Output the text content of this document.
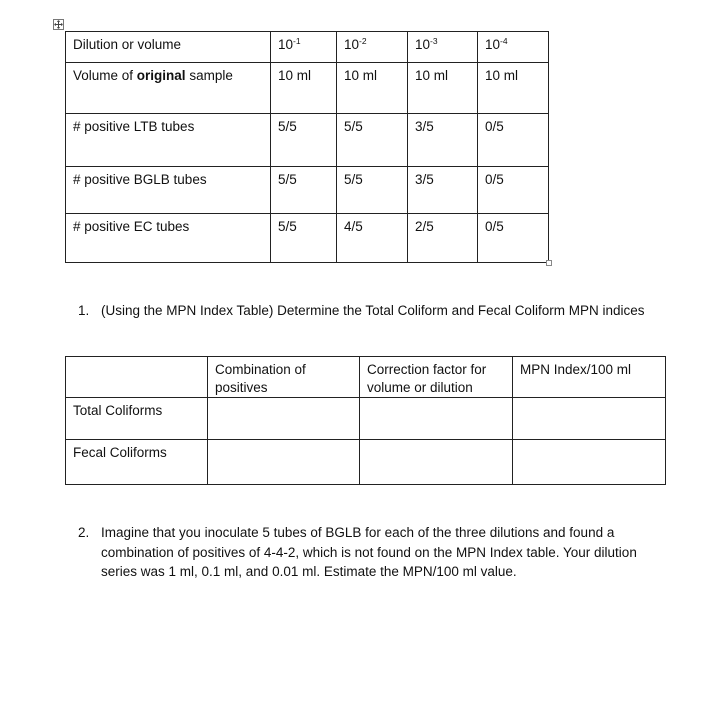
Dilution or volume	$10^{-1}$	$10^{-2}$	$10^{-3}$	$10^{-4}$
Volume of original sample	10 ml	10 ml	10 ml	10 ml
# positive LTB tubes	5/5	5/5	3/5	0/5
# positive BGLB tubes	5/5	5/5	3/5	0/5
# positive EC tubes	5/5	4/5	2/5	0/5
1. (Using the MPN Index Table) Determine the Total Coliform and Fecal Coliform MPN indices
	Combination of positives	Correction factor for volume or dilution	MPN Index/100 ml
Total Coliforms			
Fecal Coliforms			
2. Imagine that you inoculate 5 tubes of BGLB for each of the three dilutions and found a combination of positives of 4-4-2, which is not found on the MPN Index table. Your dilution series was 1 ml, 0.1 ml, and 0.01 ml. Estimate the MPN/100 ml value.
